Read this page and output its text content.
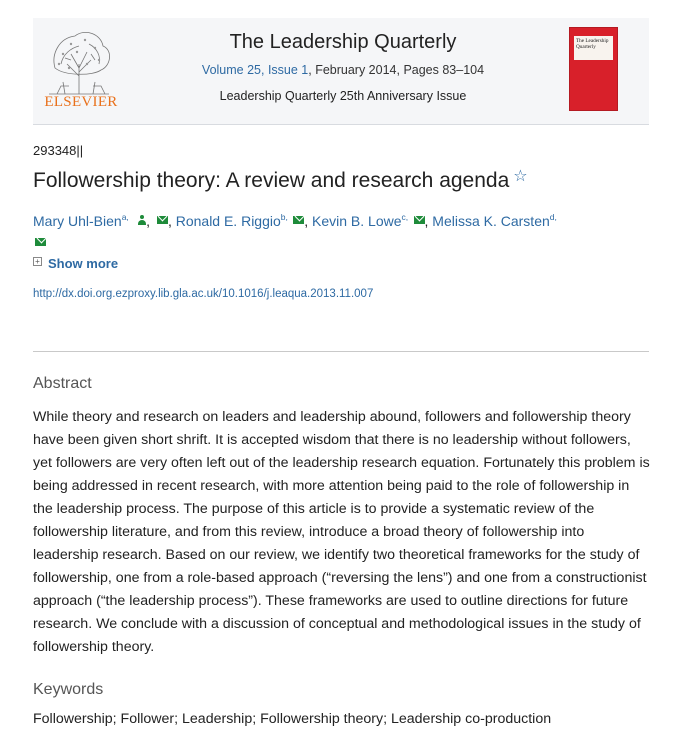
ELSEVIER
The Leadership Quarterly
Volume 25, Issue 1, February 2014, Pages 83–104
Leadership Quarterly 25th Anniversary Issue
The Leadership Quarterly
293348||
Followership theory: A review and research agenda ☆
Mary Uhl-Bien$^{a,}$ , , Ronald E. Riggio$^{b,}$ , Kevin B. Lowe$^{c,}$ , Melissa K. Carsten$^{d,}$

+ Show more
http://dx.doi.org.ezproxy.lib.gla.ac.uk/10.1016/j.leaqua.2013.11.007
Abstract
While theory and research on leaders and leadership abound, followers and followership theory have been given short shrift. It is accepted wisdom that there is no leadership without followers, yet followers are very often left out of the leadership research equation. Fortunately this problem is being addressed in recent research, with more attention being paid to the role of followership in the leadership process. The purpose of this article is to provide a systematic review of the followership literature, and from this review, introduce a broad theory of followership into leadership research. Based on our review, we identify two theoretical frameworks for the study of followership, one from a role-based approach (“reversing the lens”) and one from a constructionist approach (“the leadership process”). These frameworks are used to outline directions for future research. We conclude with a discussion of conceptual and methodological issues in the study of followership theory.
Keywords
Followership; Follower; Leadership; Followership theory; Leadership co-production
